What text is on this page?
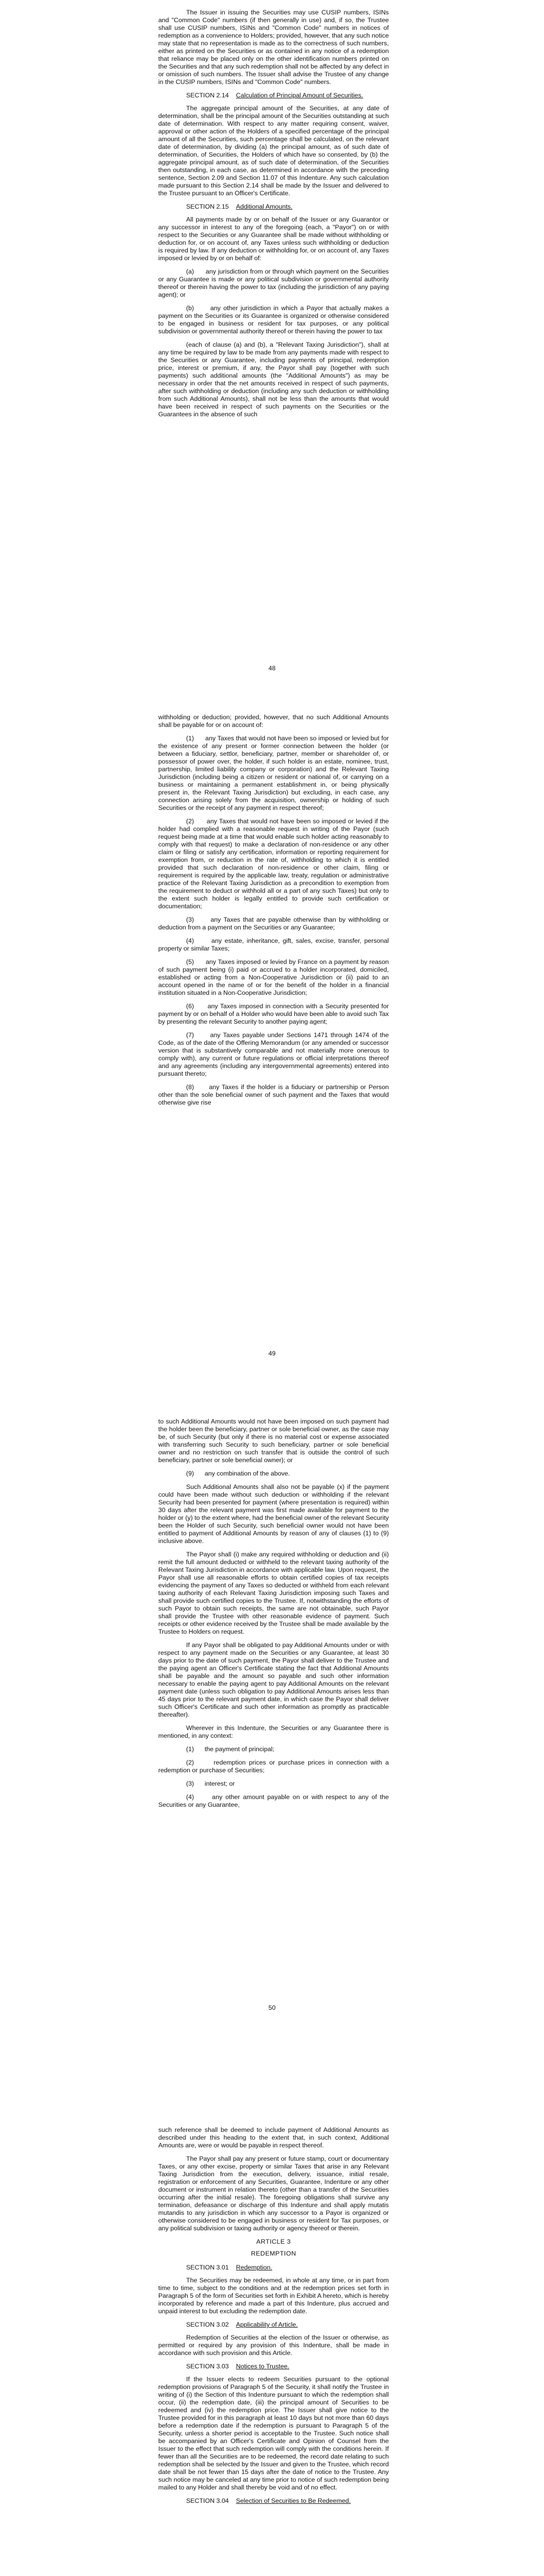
The Issuer in issuing the Securities may use CUSIP numbers, ISINs and "Common Code" numbers (if then generally in use) and, if so, the Trustee shall use CUSIP numbers, ISINs and "Common Code" numbers in notices of redemption as a convenience to Holders; provided, however, that any such notice may state that no representation is made as to the correctness of such numbers, either as printed on the Securities or as contained in any notice of a redemption that reliance may be placed only on the other identification numbers printed on the Securities and that any such redemption shall not be affected by any defect in or omission of such numbers. The Issuer shall advise the Trustee of any change in the CUSIP numbers, ISINs and "Common Code" numbers.

SECTION 2.14 Calculation of Principal Amount of Securities.

The aggregate principal amount of the Securities, at any date of determination, shall be the principal amount of the Securities outstanding at such date of determination. With respect to any matter requiring consent, waiver, approval or other action of the Holders of a specified percentage of the principal amount of all the Securities, such percentage shall be calculated, on the relevant date of determination, by dividing (a) the principal amount, as of such date of determination, of Securities, the Holders of which have so consented, by (b) the aggregate principal amount, as of such date of determination, of the Securities then outstanding, in each case, as determined in accordance with the preceding sentence, Section 2.09 and Section 11.07 of this Indenture. Any such calculation made pursuant to this Section 2.14 shall be made by the Issuer and delivered to the Trustee pursuant to an Officer's Certificate.

SECTION 2.15 Additional Amounts.

All payments made by or on behalf of the Issuer or any Guarantor or any successor in interest to any of the foregoing (each, a "Payor") on or with respect to the Securities or any Guarantee shall be made without withholding or deduction for, or on account of, any Taxes unless such withholding or deduction is required by law. If any deduction or withholding for, or on account of, any Taxes imposed or levied by or on behalf of:

(a) any jurisdiction from or through which payment on the Securities or any Guarantee is made or any political subdivision or governmental authority thereof or therein having the power to tax (including the jurisdiction of any paying agent); or

(b)	any other jurisdiction in which a Payor that actually makes a payment on the Securities or its Guarantee is organized or otherwise considered to be engaged in business or resident for tax purposes, or any political subdivision or governmental authority thereof or therein having the power to tax

(each of clause (a) and (b), a "Relevant Taxing Jurisdiction"), shall at any time be required by law to be made from any payments made with respect to the Securities or any Guarantee, including payments of principal, redemption price, interest or premium, if any, the Payor shall pay (together with such payments) such additional amounts (the "Additional Amounts") as may be necessary in order that the net amounts received in respect of such payments, after such withholding or deduction (including any such deduction or withholding from such Additional Amounts), shall not be less than the amounts that would have been received in respect of such payments on the Securities or the Guarantees in the absence of such

48

withholding or deduction; provided, however, that no such Additional Amounts shall be payable for or on account of:

(1) any Taxes that would not have been so imposed or levied but for the existence of any present or former connection between the holder (or between a fiduciary, settlor, beneficiary, partner, member or shareholder of, or possessor of power over, the holder, if such holder is an estate, nominee, trust, partnership, limited liability company or corporation) and the Relevant Taxing Jurisdiction (including being a citizen or resident or national of, or carrying on a business or maintaining a permanent establishment in, or being physically present in, the Relevant Taxing Jurisdiction) but excluding, in each case, any connection arising solely from the acquisition, ownership or holding of such Securities or the receipt of any payment in respect thereof;

(2) any Taxes that would not have been so imposed or levied if the holder had complied with a reasonable request in writing of the Payor (such request being made at a time that would enable such holder acting reasonably to comply with that request) to make a declaration of non-residence or any other claim or filing or satisfy any certification, information or reporting requirement for exemption from, or reduction in the rate of, withholding to which it is entitled provided that such declaration of non-residence or other claim, filing or requirement is required by the applicable law, treaty, regulation or administrative practice of the Relevant Taxing Jurisdiction as a precondition to exemption from the requirement to deduct or withhold all or a part of any such Taxes) but only to the extent such holder is legally entitled to provide such certification or documentation;

(3)	any Taxes that are payable otherwise than by withholding or deduction from a payment on the Securities or any Guarantee;

(4)	any estate, inheritance, gift, sales, excise, transfer, personal property or similar Taxes;

(5) any Taxes imposed or levied by France on a payment by reason of such payment being (i) paid or accrued to a holder incorporated, domiciled, established or acting from a Non-Cooperative Jurisdiction or (ii) paid to an account opened in the name of or for the benefit of the holder in a financial institution situated in a Non-Cooperative Jurisdiction;

(6) any Taxes imposed in connection with a Security presented for payment by or on behalf of a Holder who would have been able to avoid such Tax by presenting the relevant Security to another paying agent;

(7)	any Taxes payable under Sections 1471 through 1474 of the Code, as of the date of the Offering Memorandum (or any amended or successor version that is substantively comparable and not materially more onerous to comply with), any current or future regulations or official interpretations thereof and any agreements (including any intergovernmental agreements) entered into pursuant thereto;

(8) any Taxes if the holder is a fiduciary or partnership or Person other than the sole beneficial owner of such payment and the Taxes that would otherwise give rise

49

to such Additional Amounts would not have been imposed on such payment had the holder been the beneficiary, partner or sole beneficial owner, as the case may be, of such Security (but only if there is no material cost or expense associated with transferring such Security to such beneficiary, partner or sole beneficial owner and no restriction on such transfer that is outside the control of such beneficiary, partner or sole beneficial owner); or

(9) any combination of the above.

Such Additional Amounts shall also not be payable (x) if the payment could have been made without such deduction or withholding if the relevant Security had been presented for payment (where presentation is required) within 30 days after the relevant payment was first made available for payment to the holder or (y) to the extent where, had the beneficial owner of the relevant Security been the Holder of such Security, such beneficial owner would not have been entitled to payment of Additional Amounts by reason of any of clauses (1) to (9) inclusive above.

The Payor shall (i) make any required withholding or deduction and (ii) remit the full amount deducted or withheld to the relevant taxing authority of the Relevant Taxing Jurisdiction in accordance with applicable law. Upon request, the Payor shall use all reasonable efforts to obtain certified copies of tax receipts evidencing the payment of any Taxes so deducted or withheld from each relevant taxing authority of each Relevant Taxing Jurisdiction imposing such Taxes and shall provide such certified copies to the Trustee. If, notwithstanding the efforts of such Payor to obtain such receipts, the same are not obtainable, such Payor shall provide the Trustee with other reasonable evidence of payment. Such receipts or other evidence received by the Trustee shall be made available by the Trustee to Holders on request.

If any Payor shall be obligated to pay Additional Amounts under or with respect to any payment made on the Securities or any Guarantee, at least 30 days prior to the date of such payment, the Payor shall deliver to the Trustee and the paying agent an Officer's Certificate stating the fact that Additional Amounts shall be payable and the amount so payable and such other information necessary to enable the paying agent to pay Additional Amounts on the relevant payment date (unless such obligation to pay Additional Amounts arises less than 45 days prior to the relevant payment date, in which case the Payor shall deliver such Officer's Certificate and such other information as promptly as practicable thereafter).

Wherever in this Indenture, the Securities or any Guarantee there is mentioned, in any context:

(1) the payment of principal;

(2)	redemption prices or purchase prices in connection with a redemption or purchase of Securities;

(3) interest; or

(4)	any other amount payable on or with respect to any of the Securities or any Guarantee,

50

such reference shall be deemed to include payment of Additional Amounts as described under this heading to the extent that, in such context, Additional Amounts are, were or would be payable in respect thereof.

The Payor shall pay any present or future stamp, court or documentary Taxes, or any other excise, property or similar Taxes that arise in any Relevant Taxing Jurisdiction from the execution, delivery, issuance, initial resale, registration or enforcement of any Securities, Guarantee, Indenture or any other document or instrument in relation thereto (other than a transfer of the Securities occurring after the initial resale). The foregoing obligations shall survive any termination, defeasance or discharge of this Indenture and shall apply mutatis mutandis to any jurisdiction in which any successor to a Payor is organized or otherwise considered to be engaged in business or resident for Tax purposes, or any political subdivision or taxing authority or agency thereof or therein.

ARTICLE 3
REDEMPTION
SECTION 3.01 Redemption.

The Securities may be redeemed, in whole at any time, or in part from time to time, subject to the conditions and at the redemption prices set forth in Paragraph 5 of the form of Securities set forth in Exhibit A hereto, which is hereby incorporated by reference and made a part of this Indenture, plus accrued and unpaid interest to but excluding the redemption date.

SECTION 3.02 Applicability of Article.

Redemption of Securities at the election of the Issuer or otherwise, as permitted or required by any provision of this Indenture, shall be made in accordance with such provision and this Article.

SECTION 3.03 Notices to Trustee.

If the Issuer elects to redeem Securities pursuant to the optional redemption provisions of Paragraph 5 of the Security, it shall notify the Trustee in writing of (i) the Section of this Indenture pursuant to which the redemption shall occur, (ii) the redemption date, (iii) the principal amount of Securities to be redeemed and (iv) the redemption price. The Issuer shall give notice to the Trustee provided for in this paragraph at least 10 days but not more than 60 days before a redemption date if the redemption is pursuant to Paragraph 5 of the Security, unless a shorter period is acceptable to the Trustee. Such notice shall be accompanied by an Officer's Certificate and Opinion of Counsel from the Issuer to the effect that such redemption will comply with the conditions herein. If fewer than all the Securities are to be redeemed, the record date relating to such redemption shall be selected by the Issuer and given to the Trustee, which record date shall be not fewer than 15 days after the date of notice to the Trustee. Any such notice may be canceled at any time prior to notice of such redemption being mailed to any Holder and shall thereby be void and of no effect.

SECTION 3.04 Selection of Securities to Be Redeemed.
